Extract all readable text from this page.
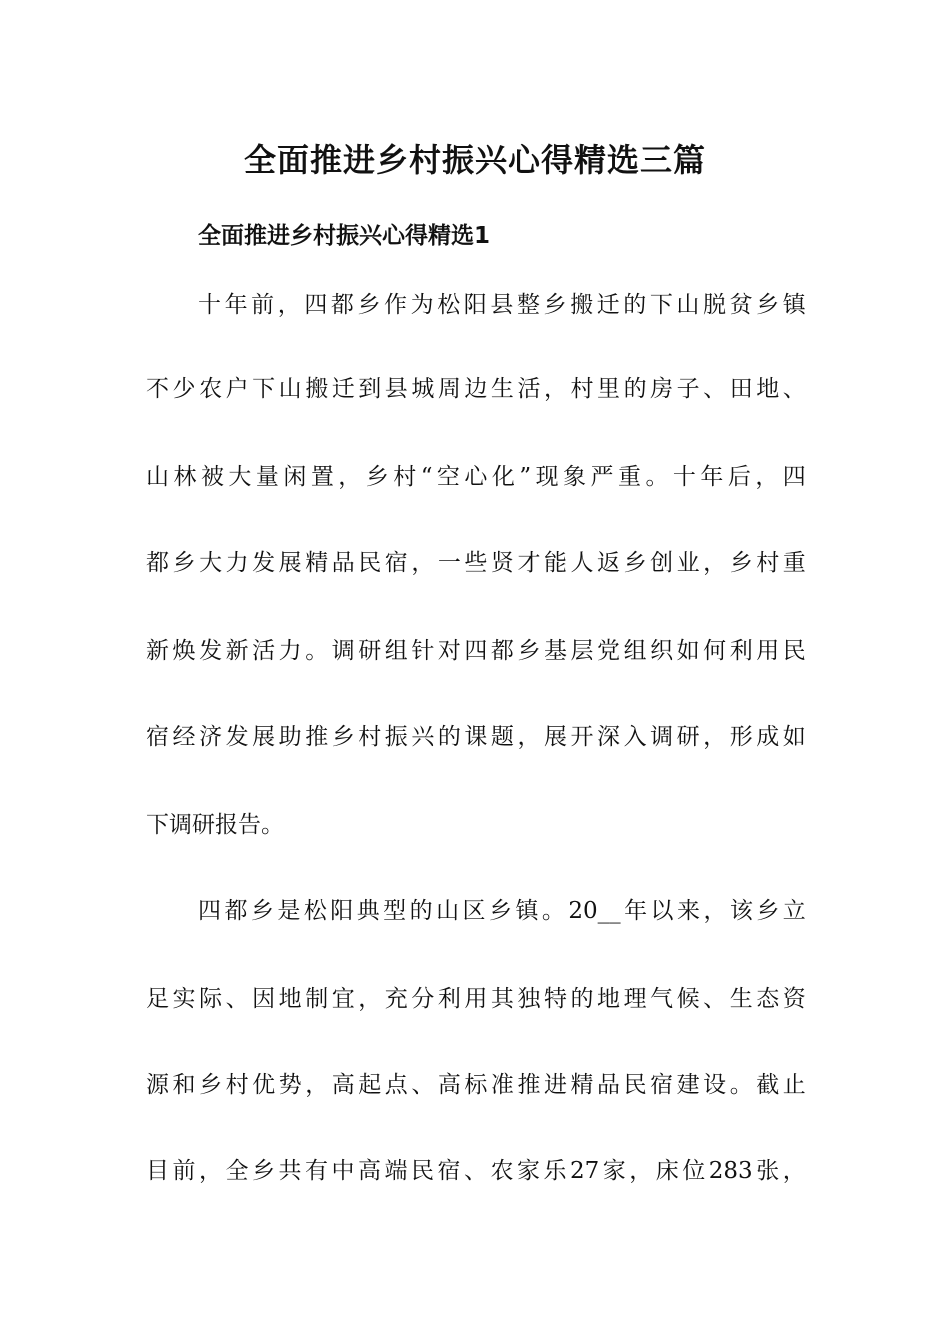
全面推进乡村振兴心得精选三篇
全面推进乡村振兴心得精选1

十 年 前 ， 四 都 乡 作 为 松 阳 县 整 乡 搬 迁 的 下 山 脱 贫 乡 镇

不 少 农 户 下 山 搬 迁 到 县 城 周 边 生 活 ， 村 里 的 房 子 、 田 地 、

山 林 被 大 量 闲 置 ， 乡 村 “ 空 心 化 ” 现 象 严 重 。 十 年 后 ， 四

都 乡 大 力 发 展 精 品 民 宿 ， 一 些 贤 才 能 人 返 乡 创 业 ， 乡 村 重

新 焕 发 新 活 力 。 调 研 组 针 对 四 都 乡 基 层 党 组 织 如 何 利 用 民

宿 经 济 发 展 助 推 乡 村 振 兴 的 课 题 ， 展 开 深 入 调 研 ， 形 成 如

下调研报告。

四 都 乡 是 松 阳 典 型 的 山 区 乡 镇 。 20__ 年 以 来 ， 该 乡 立

足 实 际 、 因 地 制 宜 ， 充 分 利 用 其 独 特 的 地 理 气 候 、 生 态 资

源 和 乡 村 优 势 ， 高 起 点 、 高 标 准 推 进 精 品 民 宿 建 设 。 截 止

目 前 ， 全 乡 共 有 中 高 端 民 宿 、 农 家 乐 27 家 ， 床 位 283 张 ，
